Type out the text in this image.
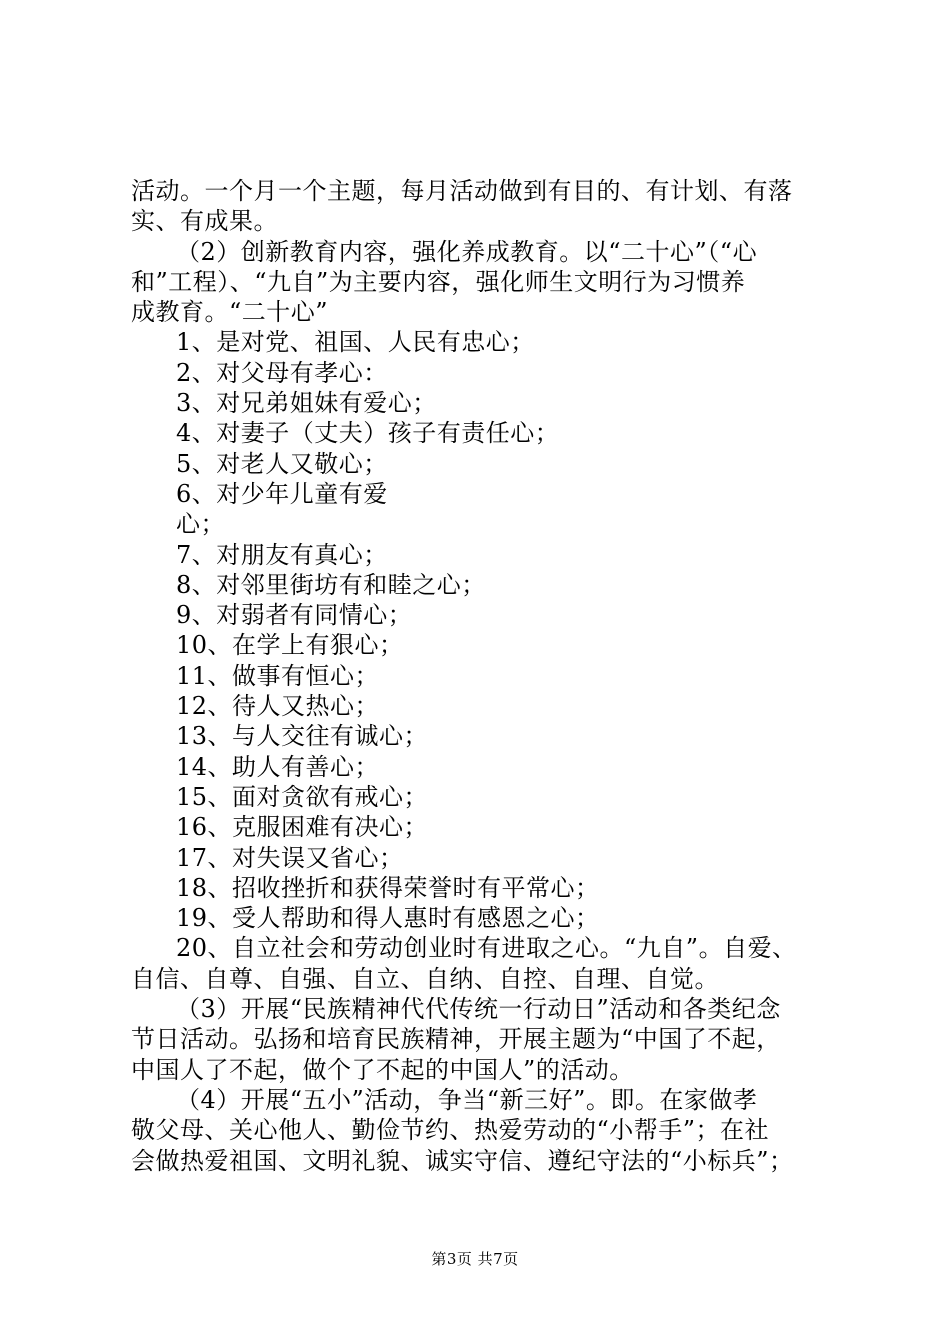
活动。一个月一个主题，每月活动做到有目的、有计划、有落
实、有成果。
（2）创新教育内容，强化养成教育。以“二十心”（“心
和”工程）、“九自”为主要内容，强化师生文明行为习惯养
成教育。“二十心”
1、是对党、祖国、人民有忠心；
2、对父母有孝心：
3、对兄弟姐妹有爱心；
4、对妻子（丈夫）孩子有责任心；
5、对老人又敬心；
6、对少年儿童有爱
心；
7、对朋友有真心；
8、对邻里街坊有和睦之心；
9、对弱者有同情心；
10、在学上有狠心；
11、做事有恒心；
12、待人又热心；
13、与人交往有诚心；
14、助人有善心；
15、面对贪欲有戒心；
16、克服困难有决心；
17、对失误又省心；
18、招收挫折和获得荣誉时有平常心；
19、受人帮助和得人惠时有感恩之心；
20、自立社会和劳动创业时有进取之心。“九自”。自爱、
自信、自尊、自强、自立、自纳、自控、自理、自觉。
（3）开展“民族精神代代传统一行动日”活动和各类纪念
节日活动。弘扬和培育民族精神，开展主题为“中国了不起，
中国人了不起，做个了不起的中国人”的活动。
（4）开展“五小”活动，争当“新三好”。即。在家做孝
敬父母、关心他人、勤俭节约、热爱劳动的“小帮手”；在社
会做热爱祖国、文明礼貌、诚实守信、遵纪守法的“小标兵”；
第3页 共7页
